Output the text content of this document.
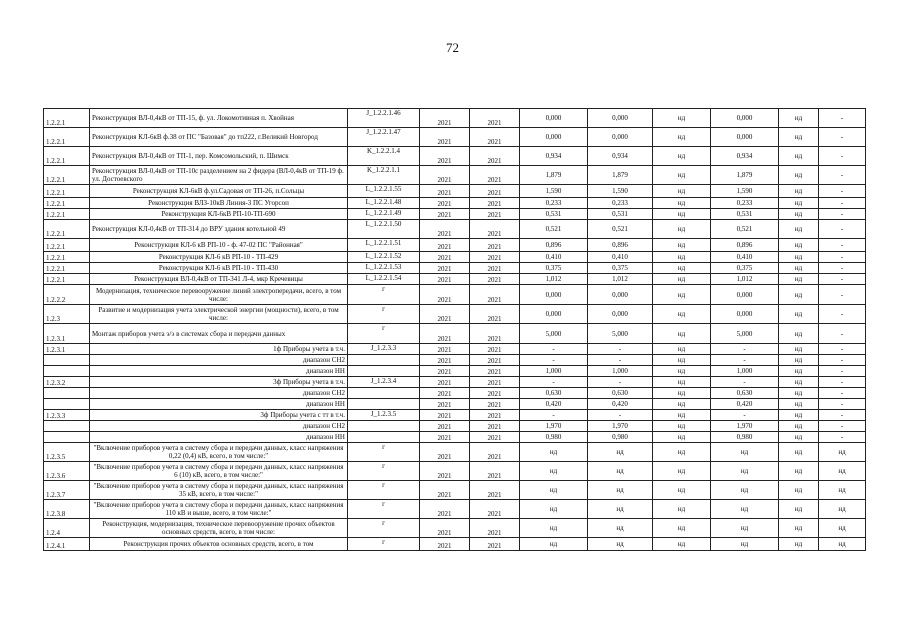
72
1.2.2.1	Реконструкция ВЛ-0,4кВ от ТП-15, ф. ул. Локомотивная п. Хвойная	J_1.2.2.1.46	2021	2021	0,000	0,000	нд	0,000	нд	-
1.2.2.1	Реконструкция КЛ-6кВ ф.38 от ПС "Базовая" до тп222, г.Великий Новгород	J_1.2.2.1.47	2021	2021	0,000	0,000	нд	0,000	нд	-
1.2.2.1	Реконструкция ВЛ-0,4кВ от ТП-1, пер. Комсомольский, п. Шимск	K_1.2.2.1.4	2021	2021	0,934	0,934	нд	0,934	нд	-
1.2.2.1	Реконструкция ВЛ-0,4кВ от ТП-10с разделением на 2 фидера (ВЛ-0,4кВ от ТП-19 ф. ул. Достоевского	K_1.2.2.1.1	2021	2021	1,879	1,879	нд	1,879	нд	-
1.2.2.1	Реконструкция КЛ-6кВ ф.ул.Садовая от ТП-26, п.Сольцы	L_1.2.2.1.55	2021	2021	1,590	1,590	нд	1,590	нд	-
1.2.2.1	Реконструкция ВЛЗ-10кВ Линия-3 ПС Угорсоп	L_1.2.2.1.48	2021	2021	0,233	0,233	нд	0,233	нд	-
1.2.2.1	Реконструкция КЛ-6кВ РП-10-ТП-690	L_1.2.2.1.49	2021	2021	0,531	0,531	нд	0,531	нд	-
1.2.2.1	Реконструкция КЛ-0,4кВ от ТП-314 до ВРУ здания котельной 49	L_1.2.2.1.50	2021	2021	0,521	0,521	нд	0,521	нд	-
1.2.2.1	Реконструкция КЛ-6 кВ РП-10 - ф. 47-02 ПС "Районная"	L_1.2.2.1.51	2021	2021	0,896	0,896	нд	0,896	нд	-
1.2.2.1	Реконструкция КЛ-6 кВ РП-10 - ТП-429	L_1.2.2.1.52	2021	2021	0,410	0,410	нд	0,410	нд	-
1.2.2.1	Реконструкция КЛ-6 кВ РП-10 - ТП-430	L_1.2.2.1.53	2021	2021	0,375	0,375	нд	0,375	нд	-
1.2.2.1	Реконструкция ВЛ-0,4кВ от ТП-341 Л-4, мкр Кречевицы	L_1.2.2.1.54	2021	2021	1,012	1,012	нд	1,012	нд	-
1.2.2.2	Модернизация, техническое перевооружение линий электропередачи, всего, в том числе:	г	2021	2021	0,000	0,000	нд	0,000	нд	-
1.2.3	Развитие и модернизация учета электрической энергии (мощности), всего, в том числе:	г	2021	2021	0,000	0,000	нд	0,000	нд	-
1.2.3.1	Монтаж приборов учета э/э в системах сбора и передачи данных	г	2021	2021	5,000	5,000	нд	5,000	нд	-
1.2.3.1	1ф Приборы учета в т.ч.	J_1.2.3.3	2021	2021	-	-	нд	-	нд	-
	диапазон СН2		2021	2021	-	-	нд	-	нд	-
	диапазон НН		2021	2021	1,000	1,000	нд	1,000	нд	-
1.2.3.2	3ф Приборы учета в т.ч.	J_1.2.3.4	2021	2021	-	-	нд	-	нд	-
	диапазон СН2		2021	2021	0,630	0,630	нд	0,630	нд	-
	диапазон НН		2021	2021	0,420	0,420	нд	0,420	нд	-
1.2.3.3	3ф Приборы учета с тт в т.ч.	J_1.2.3.5	2021	2021	-	-	нд	-	нд	-
	диапазон СН2		2021	2021	1,970	1,970	нд	1,970	нд	-
	диапазон НН		2021	2021	0,980	0,980	нд	0,980	нд	-
1.2.3.5	"Включение приборов учета в систему сбора и передачи данных, класс напряжения 0,22 (0,4) кВ, всего, в том числе:"	г	2021	2021	нд	нд	нд	нд	нд	нд
1.2.3.6	"Включение приборов учета в систему сбора и передачи данных, класс напряжения 6 (10) кВ, всего, в том числе:"	г	2021	2021	нд	нд	нд	нд	нд	нд
1.2.3.7	"Включение приборов учета в систему сбора и передачи данных, класс напряжения 35 кВ, всего, в том числе:"	г	2021	2021	нд	нд	нд	нд	нд	нд
1.2.3.8	"Включение приборов учета в систему сбора и передачи данных, класс напряжения 110 кВ и выше, всего, в том числе:"	г	2021	2021	нд	нд	нд	нд	нд	нд
1.2.4	Реконструкция, модернизация, техническое перевооружение прочих объектов основных средств, всего, в том числе:	г	2021	2021	нд	нд	нд	нд	нд	нд
1.2.4.1	Реконструкция прочих объектов основных средств, всего, в том	г	2021	2021	нд	нд	нд	нд	нд	нд
